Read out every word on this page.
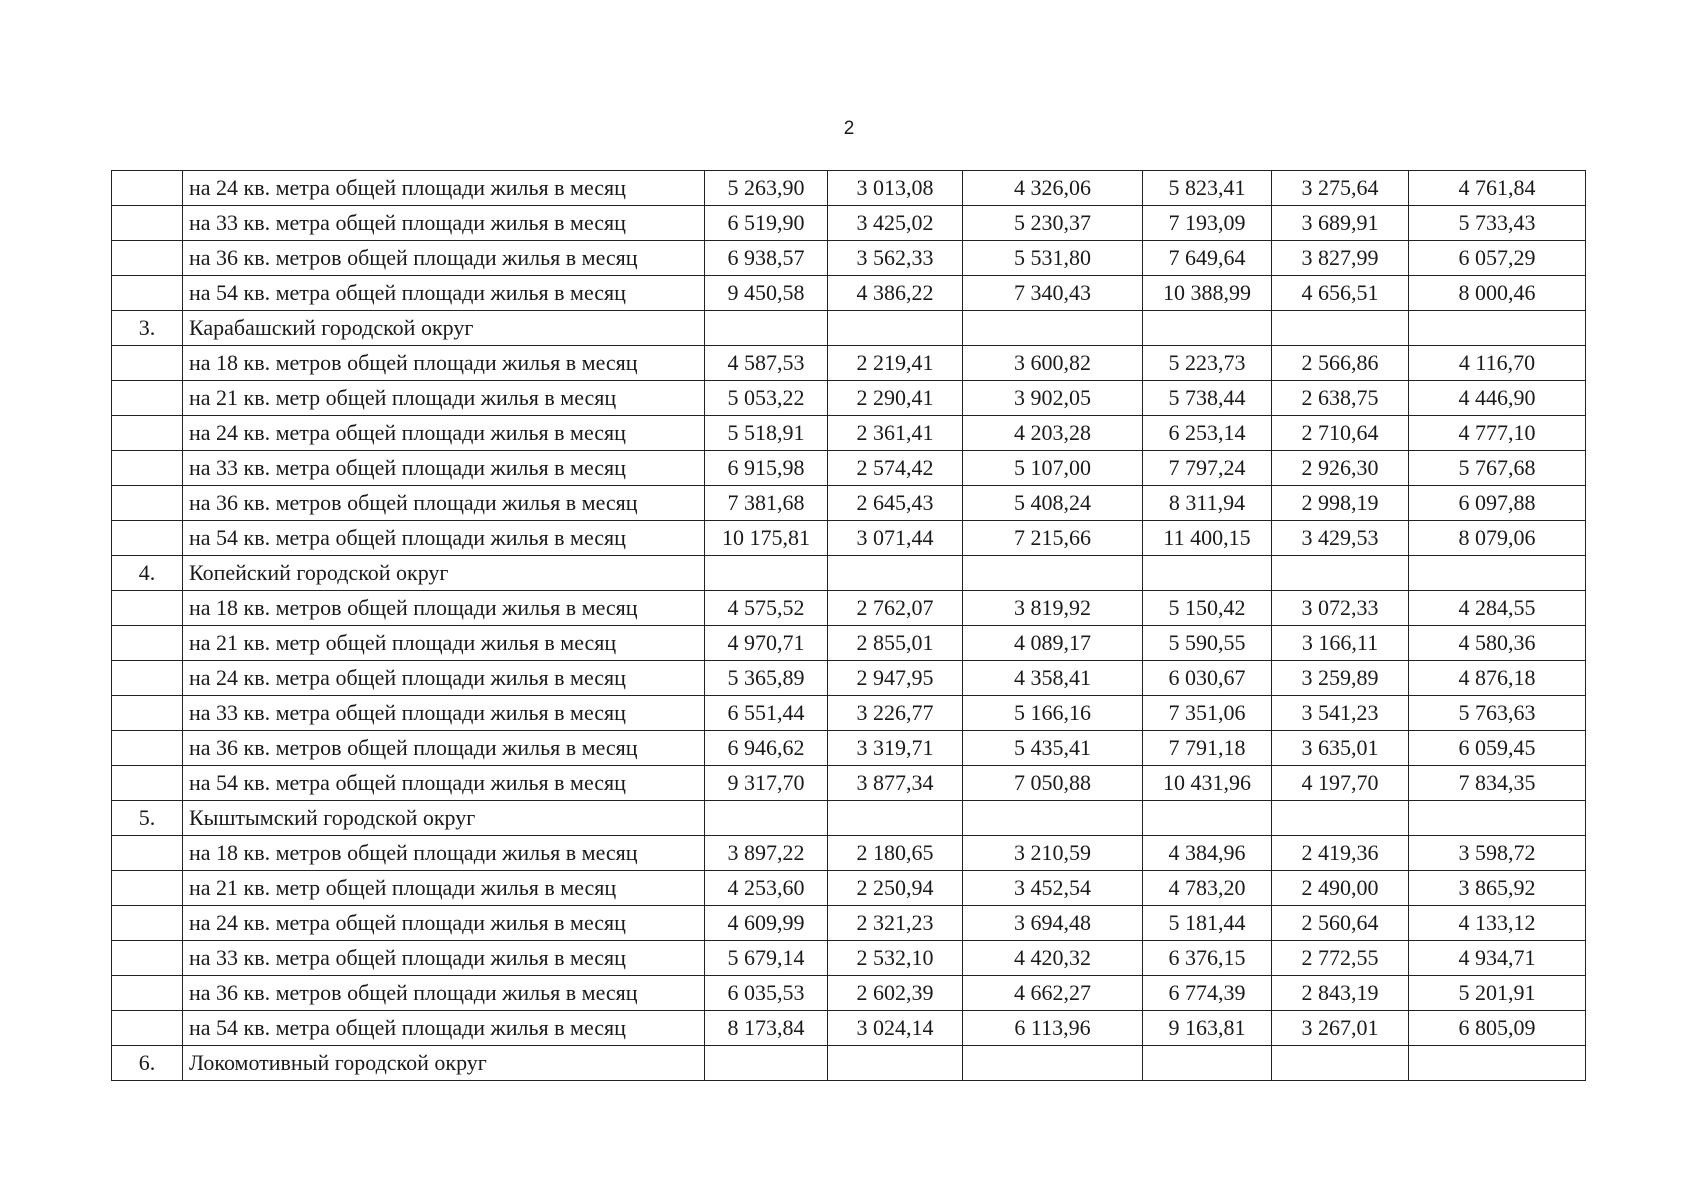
2
	на 24 кв. метра общей площади жилья в месяц	5 263,90	3 013,08	4 326,06	5 823,41	3 275,64	4 761,84
	на 33 кв. метра общей площади жилья в месяц	6 519,90	3 425,02	5 230,37	7 193,09	3 689,91	5 733,43
	на 36 кв. метров общей площади жилья в месяц	6 938,57	3 562,33	5 531,80	7 649,64	3 827,99	6 057,29
	на 54 кв. метра общей площади жилья в месяц	9 450,58	4 386,22	7 340,43	10 388,99	4 656,51	8 000,46
3.	Карабашский городской округ						
	на 18 кв. метров общей площади жилья в месяц	4 587,53	2 219,41	3 600,82	5 223,73	2 566,86	4 116,70
	на 21 кв. метр общей площади жилья в месяц	5 053,22	2 290,41	3 902,05	5 738,44	2 638,75	4 446,90
	на 24 кв. метра общей площади жилья в месяц	5 518,91	2 361,41	4 203,28	6 253,14	2 710,64	4 777,10
	на 33 кв. метра общей площади жилья в месяц	6 915,98	2 574,42	5 107,00	7 797,24	2 926,30	5 767,68
	на 36 кв. метров общей площади жилья в месяц	7 381,68	2 645,43	5 408,24	8 311,94	2 998,19	6 097,88
	на 54 кв. метра общей площади жилья в месяц	10 175,81	3 071,44	7 215,66	11 400,15	3 429,53	8 079,06
4.	Копейский городской округ						
	на 18 кв. метров общей площади жилья в месяц	4 575,52	2 762,07	3 819,92	5 150,42	3 072,33	4 284,55
	на 21 кв. метр общей площади жилья в месяц	4 970,71	2 855,01	4 089,17	5 590,55	3 166,11	4 580,36
	на 24 кв. метра общей площади жилья в месяц	5 365,89	2 947,95	4 358,41	6 030,67	3 259,89	4 876,18
	на 33 кв. метра общей площади жилья в месяц	6 551,44	3 226,77	5 166,16	7 351,06	3 541,23	5 763,63
	на 36 кв. метров общей площади жилья в месяц	6 946,62	3 319,71	5 435,41	7 791,18	3 635,01	6 059,45
	на 54 кв. метра общей площади жилья в месяц	9 317,70	3 877,34	7 050,88	10 431,96	4 197,70	7 834,35
5.	Кыштымский городской округ						
	на 18 кв. метров общей площади жилья в месяц	3 897,22	2 180,65	3 210,59	4 384,96	2 419,36	3 598,72
	на 21 кв. метр общей площади жилья в месяц	4 253,60	2 250,94	3 452,54	4 783,20	2 490,00	3 865,92
	на 24 кв. метра общей площади жилья в месяц	4 609,99	2 321,23	3 694,48	5 181,44	2 560,64	4 133,12
	на 33 кв. метра общей площади жилья в месяц	5 679,14	2 532,10	4 420,32	6 376,15	2 772,55	4 934,71
	на 36 кв. метров общей площади жилья в месяц	6 035,53	2 602,39	4 662,27	6 774,39	2 843,19	5 201,91
	на 54 кв. метра общей площади жилья в месяц	8 173,84	3 024,14	6 113,96	9 163,81	3 267,01	6 805,09
6.	Локомотивный городской округ						
